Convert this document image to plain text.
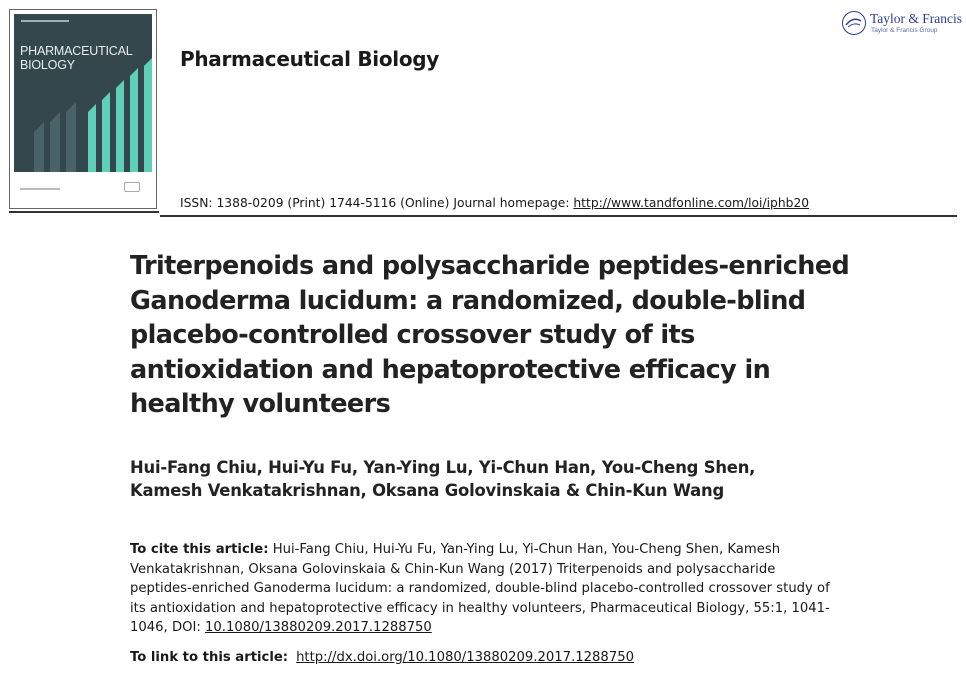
PHARMACEUTICAL
BIOLOGY	Pharmaceutical Biology
Taylor & Francis
Taylor & Francis Group
ISSN: 1388-0209 (Print) 1744-5116 (Online) Journal homepage: http://www.tandfonline.com/loi/iphb20
Triterpenoids and polysaccharide peptides-enriched Ganoderma lucidum: a randomized, double-blind placebo-controlled crossover study of its antioxidation and hepatoprotective efficacy in healthy volunteers
Hui-Fang Chiu, Hui-Yu Fu, Yan-Ying Lu, Yi-Chun Han, You-Cheng Shen,
Kamesh Venkatakrishnan, Oksana Golovinskaia & Chin-Kun Wang
To cite this article: Hui-Fang Chiu, Hui-Yu Fu, Yan-Ying Lu, Yi-Chun Han, You-Cheng Shen, Kamesh Venkatakrishnan, Oksana Golovinskaia & Chin-Kun Wang (2017) Triterpenoids and polysaccharide peptides-enriched Ganoderma lucidum: a randomized, double-blind placebo-controlled crossover study of its antioxidation and hepatoprotective efficacy in healthy volunteers, Pharmaceutical Biology, 55:1, 1041-1046, DOI: 10.1080/13880209.2017.1288750
To link to this article: http://dx.doi.org/10.1080/13880209.2017.1288750
